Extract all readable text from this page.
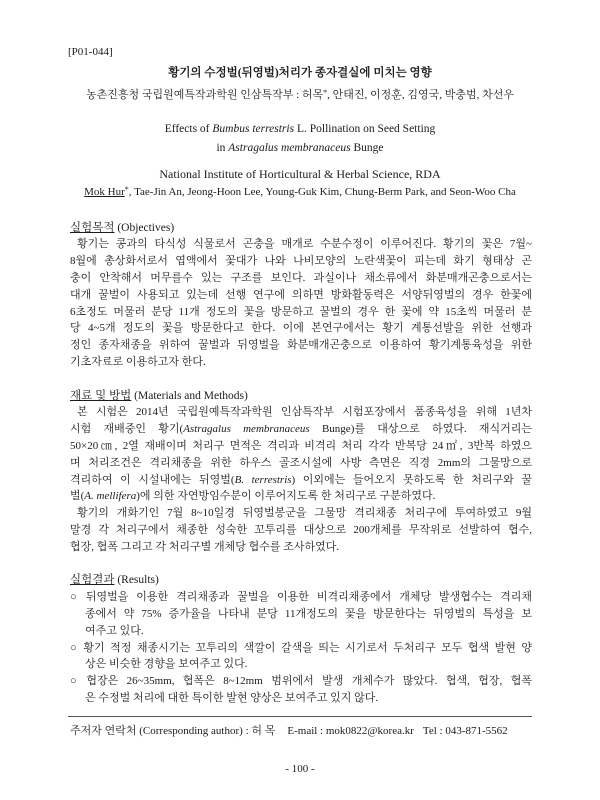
[P01-044]
황기의 수정벌(뒤영벌)처리가 종자결실에 미치는 영향
농촌진흥청 국립원예특작과학원 인삼특작부 : 허목*, 안태진, 이정훈, 김영국, 박충범, 차선우
Effects of Bumbus terrestris L. Pollination on Seed Setting
in Astragalus membranaceus Bunge
National Institute of Horticultural & Herbal Science, RDA
Mok Hur*, Tae-Jin An, Jeong-Hoon Lee, Young-Guk Kim, Chung-Berm Park, and Seon-Woo Cha
실험목적 (Objectives)
황기는 콩과의 타식성 식물로서 곤충을 매개로 수분수정이 이루어진다. 황기의 꽃은 7월~
8월에 총상화서로서 엽액에서 꽃대가 나와 나비모양의 노란색꽃이 피는데 화기 형태상 곤
충이 안착해서 머무를수 있는 구조를 보인다. 과실이나 채소류에서 화분매개곤충으로서는
대개 꿀벌이 사용되고 있는데 선행 연구에 의하면 방화활동력은 서양뒤영벌의 경우 한꽃에
6초정도 머물러 분당 11개 정도의 꽃을 방문하고 꿀벌의 경우 한 꽃에 약 15초씩 머물러 분
당 4~5개 정도의 꽃을 방문한다고 한다. 이에 본연구에서는 황기 계통선발을 위한 선행과
정인 종자채종을 위하여 꿀벌과 뒤영벌을 화분매개곤충으로 이용하여 황기계통육성을 위한
기초자료로 이용하고자 한다.
재료 및 방법 (Materials and Methods)
본 시험은 2014년 국립원예특작과학원 인삼특작부 시험포장에서 품종육성을 위해 1년차
시험 재배중인 황기(Astragalus membranaceus Bunge)를 대상으로 하였다. 재식거리는
50×20㎝, 2열 재배이며 처리구 면적은 격리과 비격리 처리 각각 반복당 24㎡, 3반복 하였으
며 처리조건은 격리채종을 위한 하우스 골조시설에 사방 측면은 직경 2mm의 그물망으로
격리하여 이 시설내에는 뒤영벌(B. terrestris) 이외에는 들어오지 못하도록 한 처리구와 꿀
벌(A. mellifera)에 의한 자연방임수분이 이루어지도록 한 처리구로 구분하였다.
황기의 개화기인 7월 8~10일경 뒤영벌봉군을 그물망 격리채종 처리구에 투여하였고 9월
말경 각 처리구에서 채종한 성숙한 꼬투리를 대상으로 200개체를 무작위로 선발하여 협수,
협장, 협폭 그리고 각 처리구별 개체당 협수를 조사하였다.
실험결과 (Results)
○ 뒤영벌을 이용한 격리채종과 꿀벌을 이용한 비격리채종에서 개체당 발생협수는 격리채
종에서 약 75% 증가율을 나타내 분당 11개정도의 꽃을 방문한다는 뒤영벌의 특성을 보
여주고 있다.
○ 황기 적정 채종시기는 꼬투리의 색깔이 갈색을 띄는 시기로서 두처리구 모두 협색 발현 양
상은 비슷한 경향을 보여주고 있다.
○ 협장은 26~35mm, 협폭은 8~12mm 범위에서 발생 개체수가 많았다. 협색, 협장, 협폭
은 수정벌 처리에 대한 특이한 발현 양상은 보여주고 있지 않다.
주저자 연락처 (Corresponding author) : 허 목 E-mail : mok0822@korea.kr Tel : 043-871-5562
- 100 -
